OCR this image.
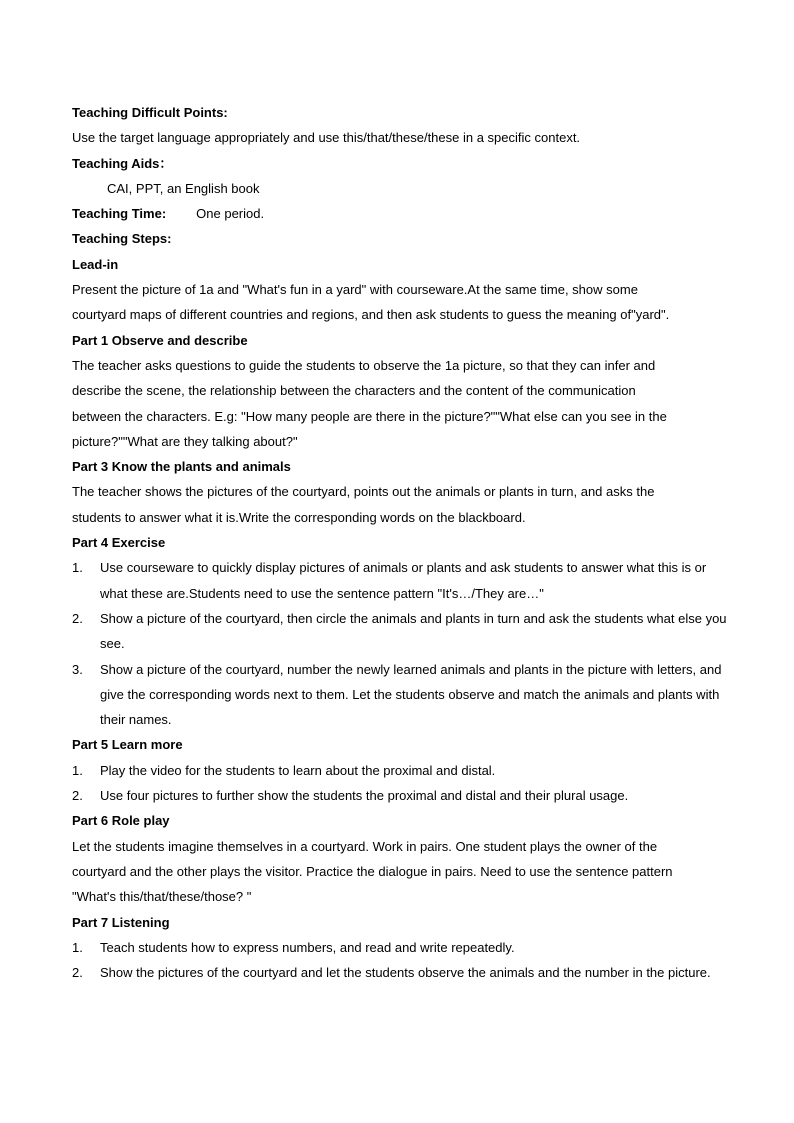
Teaching Difficult Points:

Use the target language appropriately and use this/that/these/these in a specific context.

Teaching Aids：

CAI, PPT, an English book

Teaching Time: One period.

Teaching Steps:

Lead-in

Present the picture of 1a and "What's fun in a yard" with courseware.At the same time, show some

courtyard maps of different countries and regions, and then ask students to guess the meaning of"yard".

Part 1 Observe and describe

The teacher asks questions to guide the students to observe the 1a picture, so that they can infer and

describe the scene, the relationship between the characters and the content of the communication

between the characters. E.g: "How many people are there in the picture?""What else can you see in the

picture?""What are they talking about?"

Part 3 Know the plants and animals

The teacher shows the pictures of the courtyard, points out the animals or plants in turn, and asks the

students to answer what it is.Write the corresponding words on the blackboard.

Part 4 Exercise

1. Use courseware to quickly display pictures of animals or plants and ask students to answer what this is or what these are.Students need to use the sentence pattern "It's…/They are…"
2. Show a picture of the courtyard, then circle the animals and plants in turn and ask the students what else you see.
3. Show a picture of the courtyard, number the newly learned animals and plants in the picture with letters, and give the corresponding words next to them. Let the students observe and match the animals and plants with their names.

Part 5 Learn more

1. Play the video for the students to learn about the proximal and distal.
2. Use four pictures to further show the students the proximal and distal and their plural usage.

Part 6 Role play

Let the students imagine themselves in a courtyard. Work in pairs. One student plays the owner of the

courtyard and the other plays the visitor. Practice the dialogue in pairs. Need to use the sentence pattern

"What's this/that/these/those? "

Part 7 Listening

1. Teach students how to express numbers, and read and write repeatedly.
2. Show the pictures of the courtyard and let the students observe the animals and the number in the picture.
